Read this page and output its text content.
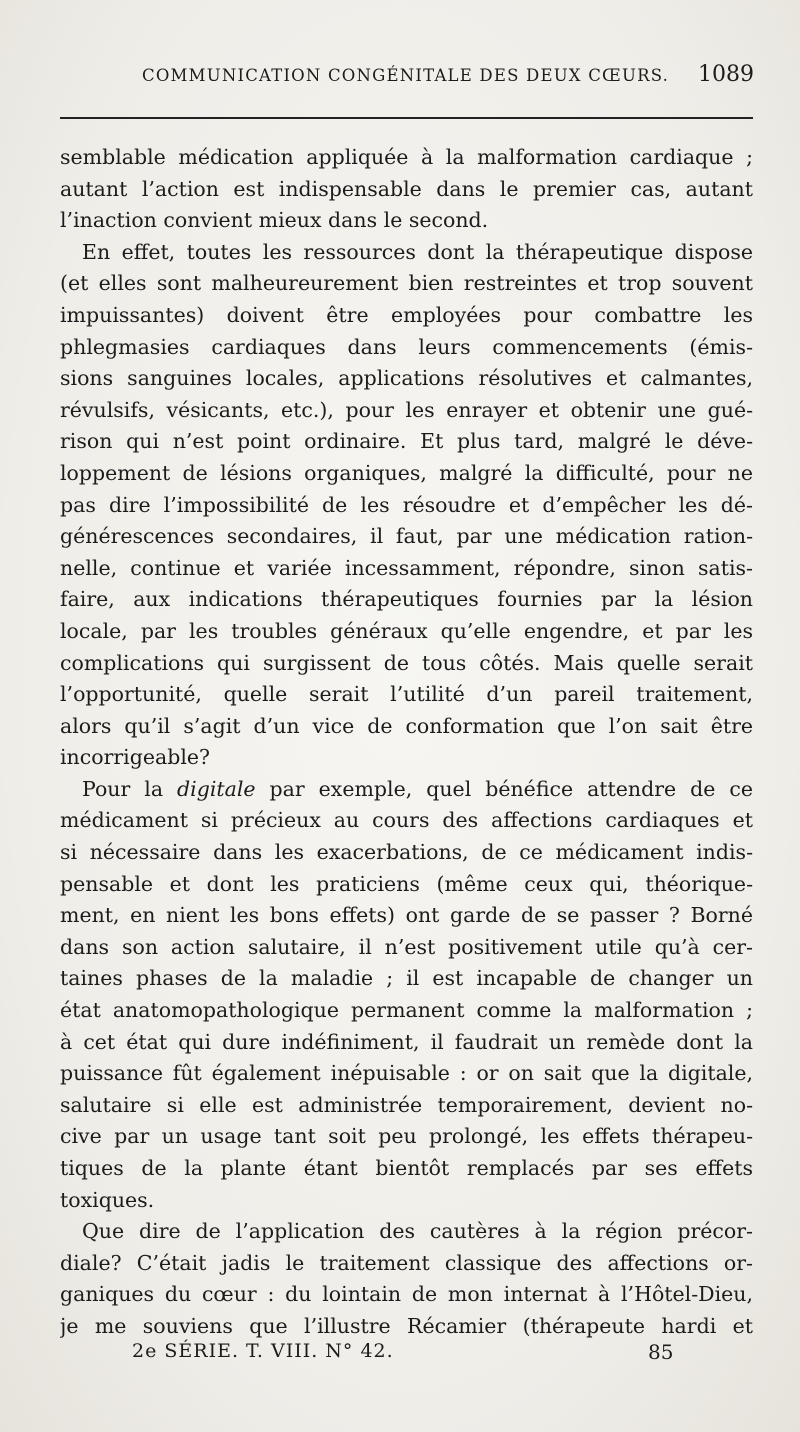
COMMUNICATION CONGÉNITALE DES DEUX CŒURS. 1089
semblable médication appliquée à la malformation cardiaque ;
autant l’action est indispensable dans le premier cas, autant
l’inaction convient mieux dans le second.
En effet, toutes les ressources dont la thérapeutique dispose
(et elles sont malheureurement bien restreintes et trop souvent
impuissantes) doivent être employées pour combattre les
phlegmasies cardiaques dans leurs commencements (émis-
sions sanguines locales, applications résolutives et calmantes,
révulsifs, vésicants, etc.), pour les enrayer et obtenir une gué-
rison qui n’est point ordinaire. Et plus tard, malgré le déve-
loppement de lésions organiques, malgré la difficulté, pour ne
pas dire l’impossibilité de les résoudre et d’empêcher les dé-
générescences secondaires, il faut, par une médication ration-
nelle, continue et variée incessamment, répondre, sinon satis-
faire, aux indications thérapeutiques fournies par la lésion
locale, par les troubles généraux qu’elle engendre, et par les
complications qui surgissent de tous côtés. Mais quelle serait
l’opportunité, quelle serait l’utilité d’un pareil traitement,
alors qu’il s’agit d’un vice de conformation que l’on sait être
incorrigeable?
Pour la digitale par exemple, quel bénéfice attendre de ce
médicament si précieux au cours des affections cardiaques et
si nécessaire dans les exacerbations, de ce médicament indis-
pensable et dont les praticiens (même ceux qui, théorique-
ment, en nient les bons effets) ont garde de se passer ? Borné
dans son action salutaire, il n’est positivement utile qu’à cer-
taines phases de la maladie ; il est incapable de changer un
état anatomopathologique permanent comme la malformation ;
à cet état qui dure indéfiniment, il faudrait un remède dont la
puissance fût également inépuisable : or on sait que la digitale,
salutaire si elle est administrée temporairement, devient no-
cive par un usage tant soit peu prolongé, les effets thérapeu-
tiques de la plante étant bientôt remplacés par ses effets
toxiques.
Que dire de l’application des cautères à la région précor-
diale? C’était jadis le traitement classique des affections or-
ganiques du cœur : du lointain de mon internat à l’Hôtel-Dieu,
je me souviens que l’illustre Récamier (thérapeute hardi et
2e SÉRIE. T. VIII. N° 42.	85
